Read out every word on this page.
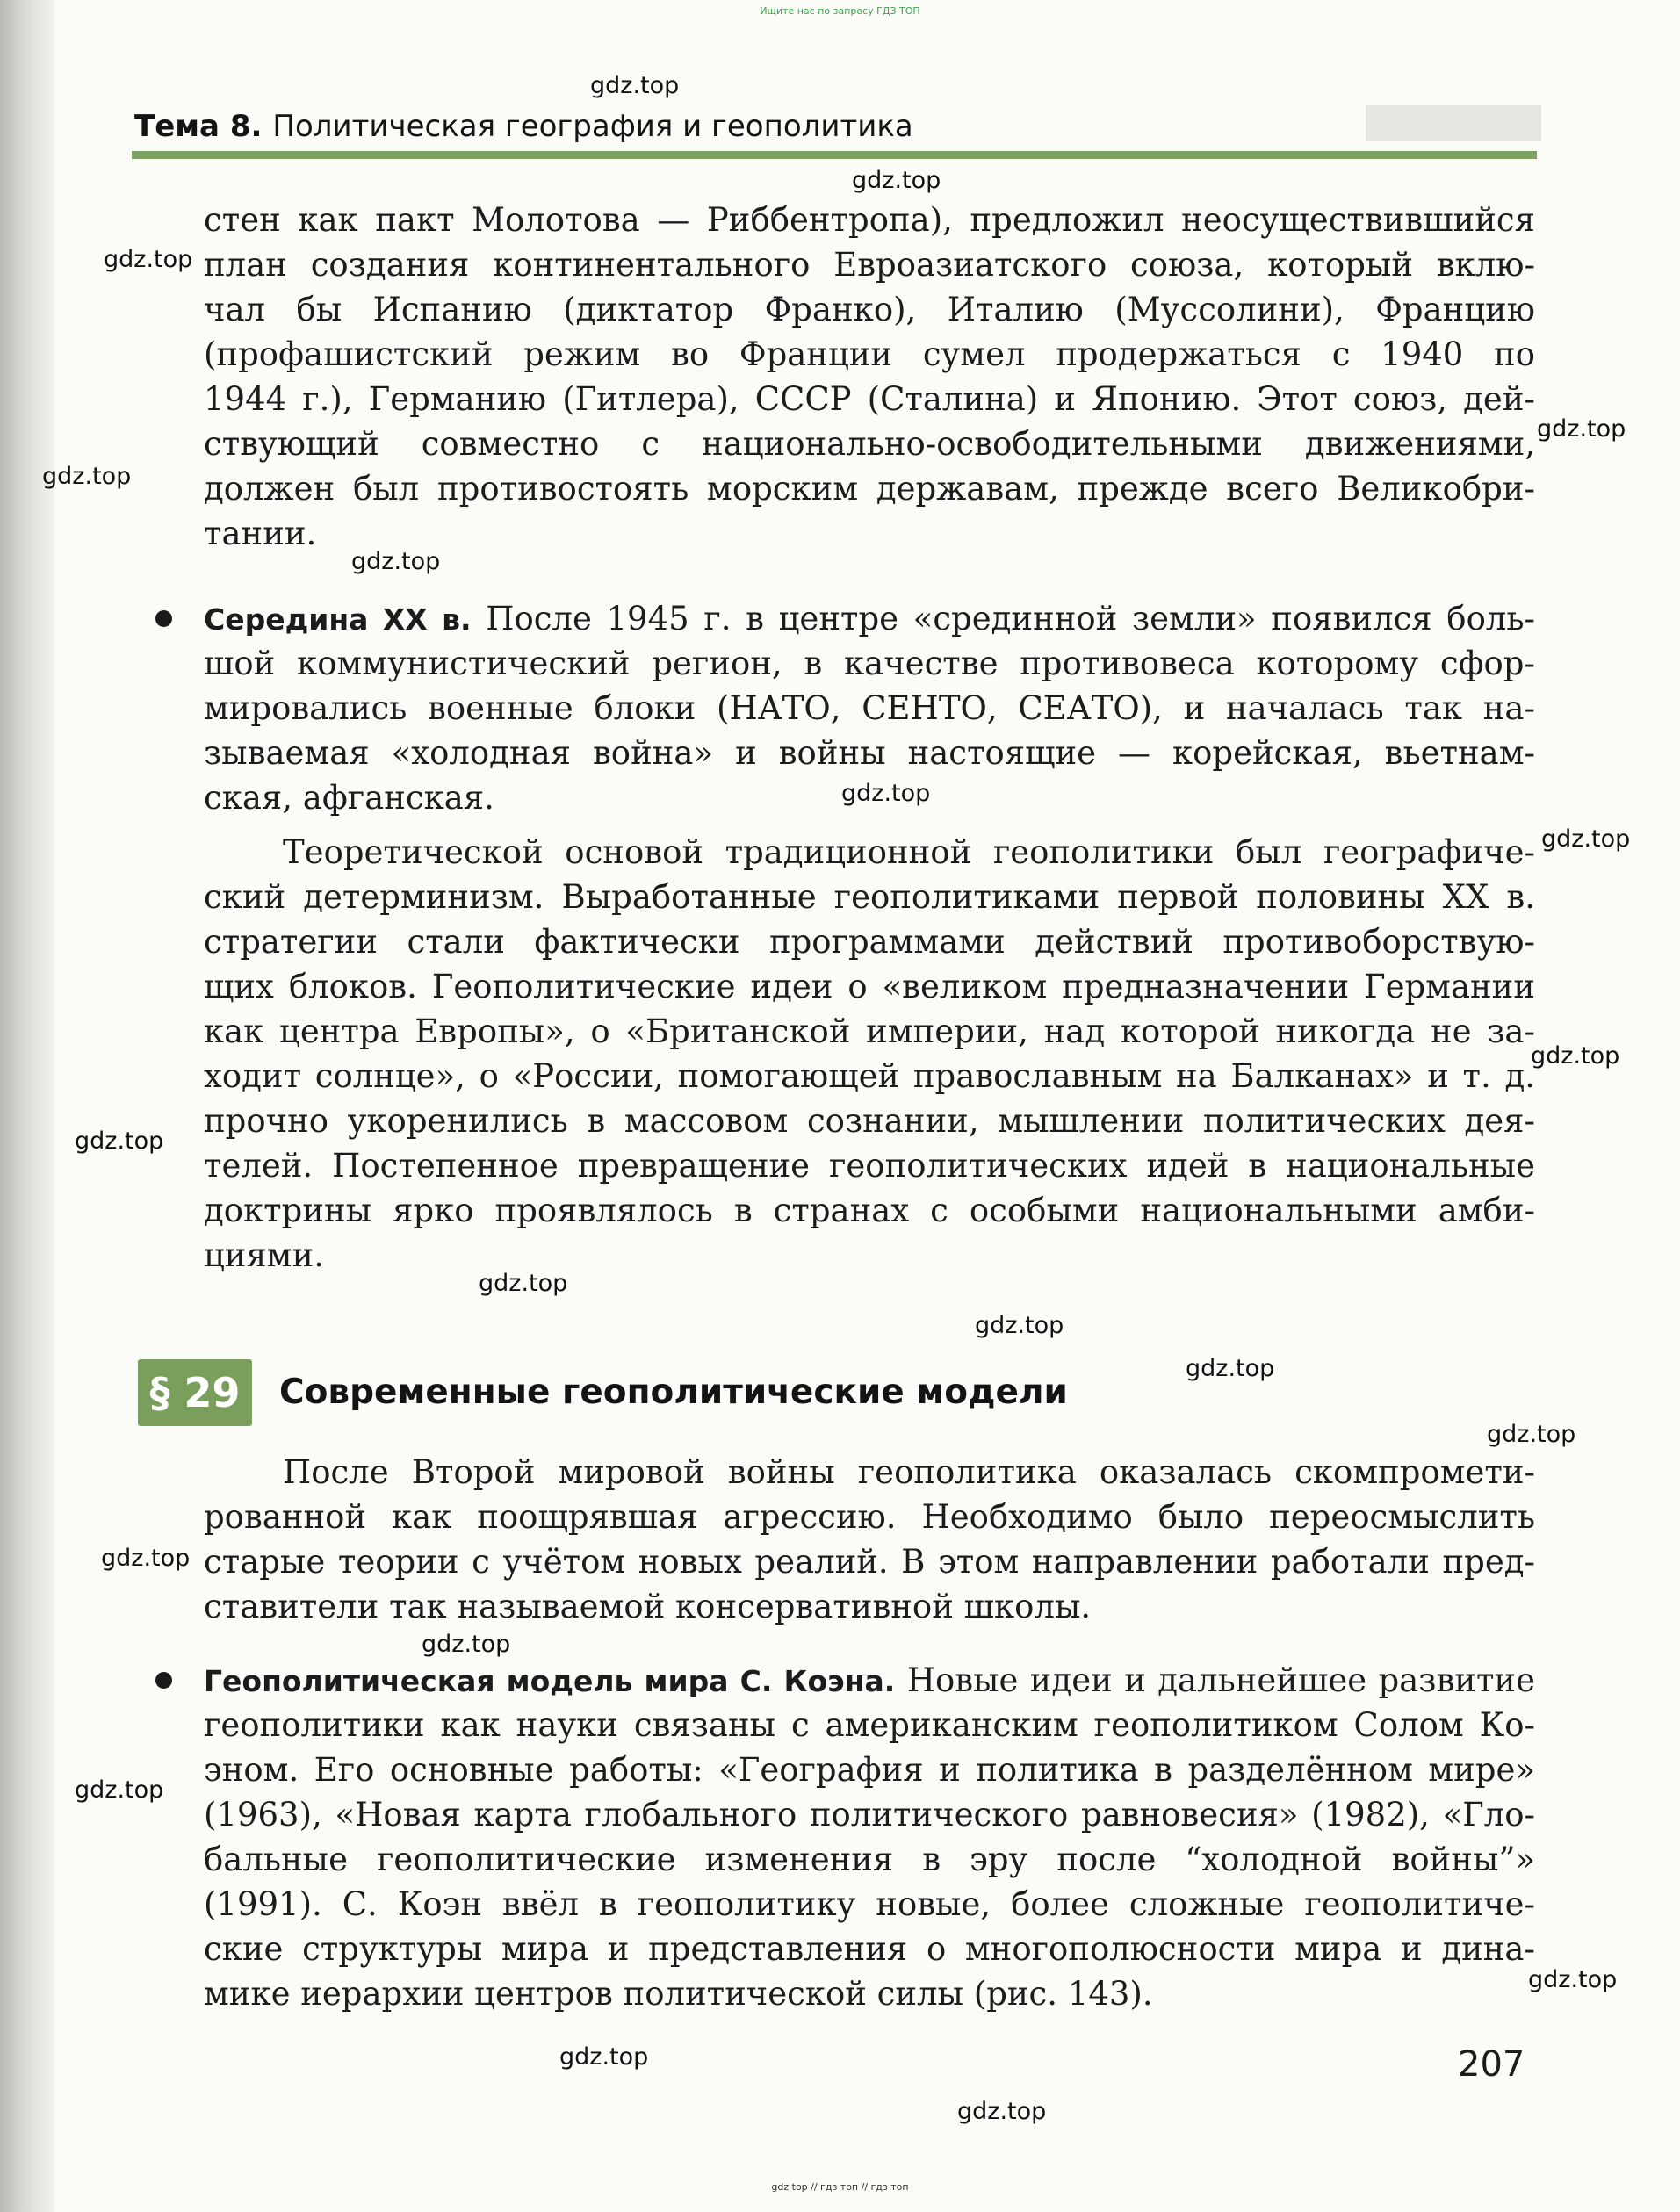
Ищите нас по запросу ГДЗ ТОП
Тема 8. Политическая география и геополитика
стен как пакт Молотова — Риббентропа), предложил неосуществившийся
план создания континентального Евроазиатского союза, который вклю-
чал бы Испанию (диктатор Франко), Италию (Муссолини), Францию
(профашистский режим во Франции сумел продержаться с 1940 по
1944 г.), Германию (Гитлера), СССР (Сталина) и Японию. Этот союз, дей-
ствующий совместно с национально-освободительными движениями,
должен был противостоять морским державам, прежде всего Великобри-
тании.
Середина XX в. После 1945 г. в центре «срединной земли» появился боль-
шой коммунистический регион, в качестве противовеса которому сфор-
мировались военные блоки (НАТО, СЕНТО, СЕАТО), и началась так на-
зываемая «холодная война» и войны настоящие — корейская, вьетнам-
ская, афганская.
Теоретической основой традиционной геополитики был географиче-
ский детерминизм. Выработанные геополитиками первой половины XX в.
стратегии стали фактически программами действий противоборствую-
щих блоков. Геополитические идеи о «великом предназначении Германии
как центра Европы», о «Британской империи, над которой никогда не за-
ходит солнце», о «России, помогающей православным на Балканах» и т. д.
прочно укоренились в массовом сознании, мышлении политических дея-
телей. Постепенное превращение геополитических идей в национальные
доктрины ярко проявлялось в странах с особыми национальными амби-
циями.
§ 29	Современные геополитические модели
После Второй мировой войны геополитика оказалась скомпромети-
рованной как поощрявшая агрессию. Необходимо было переосмыслить
старые теории с учётом новых реалий. В этом направлении работали пред-
ставители так называемой консервативной школы.
Геополитическая модель мира С. Коэна. Новые идеи и дальнейшее развитие
геополитики как науки связаны с американским геополитиком Солом Ко-
эном. Его основные работы: «География и политика в разделённом мире»
(1963), «Новая карта глобального политического равновесия» (1982), «Гло-
бальные геополитические изменения в эру после “холодной войны”»
(1991). С. Коэн ввёл в геополитику новые, более сложные геополитиче-
ские структуры мира и представления о многополюсности мира и дина-
мике иерархии центров политической силы (рис. 143).
207
gdz.top
gdz.top
gdz.top
gdz.top
gdz.top
gdz.top
gdz.top
gdz.top
gdz.top
gdz.top
gdz.top
gdz.top
gdz.top
gdz.top
gdz.top
gdz.top
gdz.top
gdz.top
gdz.top
gdz.top
gdz top // гдз топ // гдз топ
